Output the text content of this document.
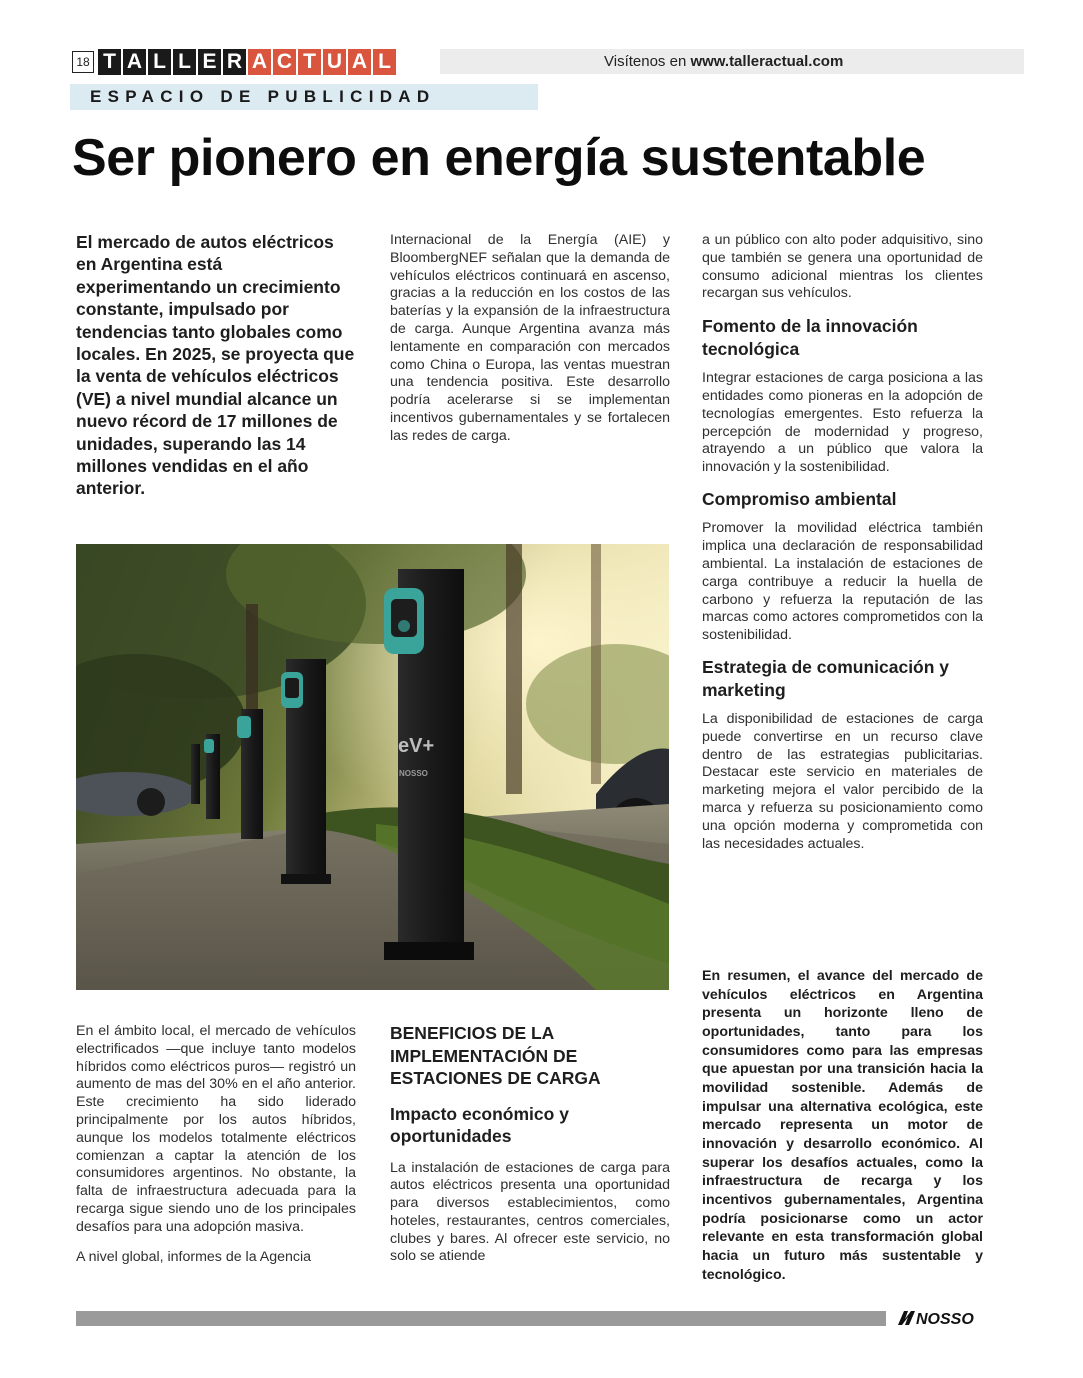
18 T A L L E R A C T U A L	Visítenos en www.talleractual.com
ESPACIO DE PUBLICIDAD
Ser pionero en energía sustentable

El mercado de autos eléctricos en Argentina está experimentando un crecimiento constante, impulsado por tendencias tanto globales como locales. En 2025, se proyecta que la venta de vehículos eléctricos (VE) a nivel mundial alcance un nuevo récord de 17 millones de unidades, superando las 14 millones vendidas en el año anterior.

Internacional de la Energía (AIE) y BloombergNEF señalan que la demanda de vehículos eléctricos continuará en ascenso, gracias a la reducción en los costos de las baterías y la expansión de la infraestructura de carga. Aunque Argentina avanza más lentamente en comparación con mercados como China o Europa, las ventas muestran una tendencia positiva. Este desarrollo podría acelerarse si se implementan incentivos gubernamentales y se fortalecen las redes de carga.

a un público con alto poder adquisitivo, sino que también se genera una oportunidad de consumo adicional mientras los clientes recargan sus vehículos.

Fomento de la innovación tecnológica

Integrar estaciones de carga posiciona a las entidades como pioneras en la adopción de tecnologías emergentes. Esto refuerza la percepción de modernidad y progreso, atrayendo a un público que valora la innovación y la sostenibilidad.

Compromiso ambiental

Promover la movilidad eléctrica también implica una declaración de responsabilidad ambiental. La instalación de estaciones de carga contribuye a reducir la huella de carbono y refuerza la reputación de las marcas como actores comprometidos con la sostenibilidad.

Estrategia de comunicación y marketing

La disponibilidad de estaciones de carga puede convertirse en un recurso clave dentro de las estrategias publicitarias. Destacar este servicio en materiales de marketing mejora el valor percibido de la marca y refuerza su posicionamiento como una opción moderna y comprometida con las necesidades actuales.

eV+
NOSSO

En el ámbito local, el mercado de vehículos electrificados —que incluye tanto modelos híbridos como eléctricos puros— registró un aumento de mas del 30% en el año anterior. Este crecimiento ha sido liderado principalmente por los autos híbridos, aunque los modelos totalmente eléctricos comienzan a captar la atención de los consumidores argentinos. No obstante, la falta de infraestructura adecuada para la recarga sigue siendo uno de los principales desafíos para una adopción masiva.

A nivel global, informes de la Agencia

BENEFICIOS DE LA IMPLEMENTACIÓN DE ESTACIONES DE CARGA
Impacto económico y oportunidades

La instalación de estaciones de carga para autos eléctricos presenta una oportunidad para diversos establecimientos, como hoteles, restaurantes, centros comerciales, clubes y bares. Al ofrecer este servicio, no solo se atiende

En resumen, el avance del mercado de vehículos eléctricos en Argentina presenta un horizonte lleno de oportunidades, tanto para los consumidores como para las empresas que apuestan por una transición hacia la movilidad sostenible. Además de impulsar una alternativa ecológica, este mercado representa un motor de innovación y desarrollo económico. Al superar los desafíos actuales, como la infraestructura de recarga y los incentivos gubernamentales, Argentina podría posicionarse como un actor relevante en esta transformación global hacia un futuro más sustentable y tecnológico.

NOSSO
